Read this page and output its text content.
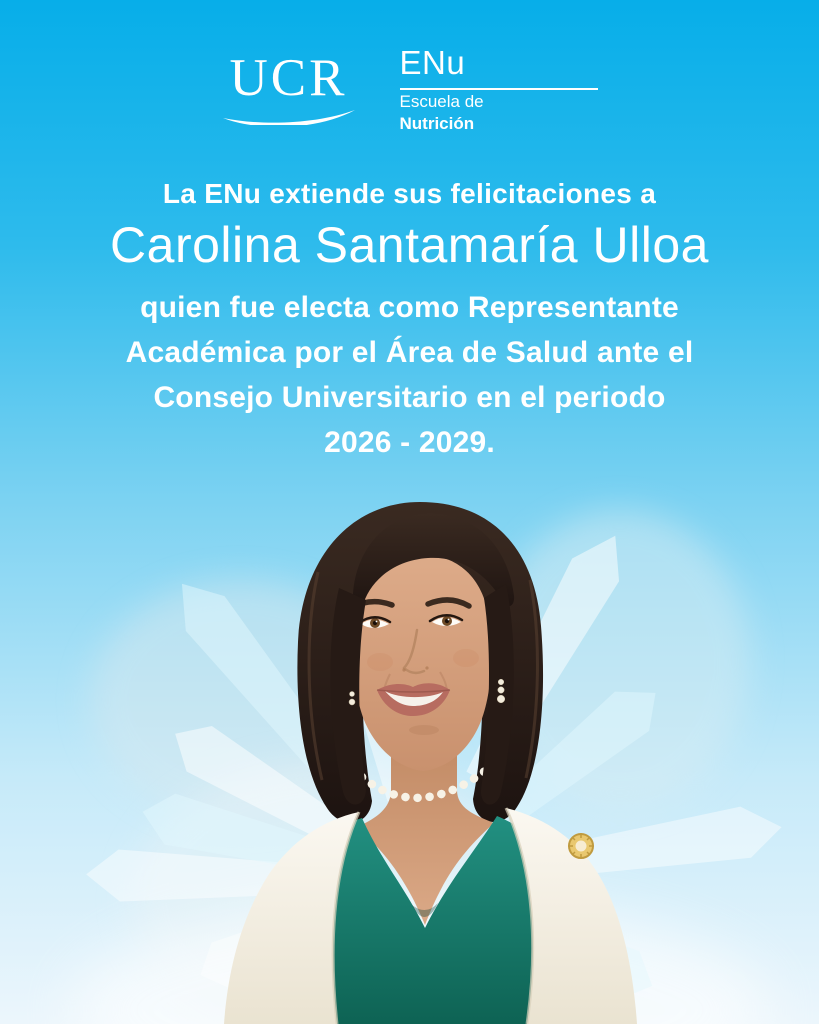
UCR ENu
Escuela de
Nutrición

La ENu extiende sus felicitaciones a

Carolina Santamaría Ulloa

quien fue electa como Representante

Académica por el Área de Salud ante el

Consejo Universitario en el periodo

2026 - 2029.
